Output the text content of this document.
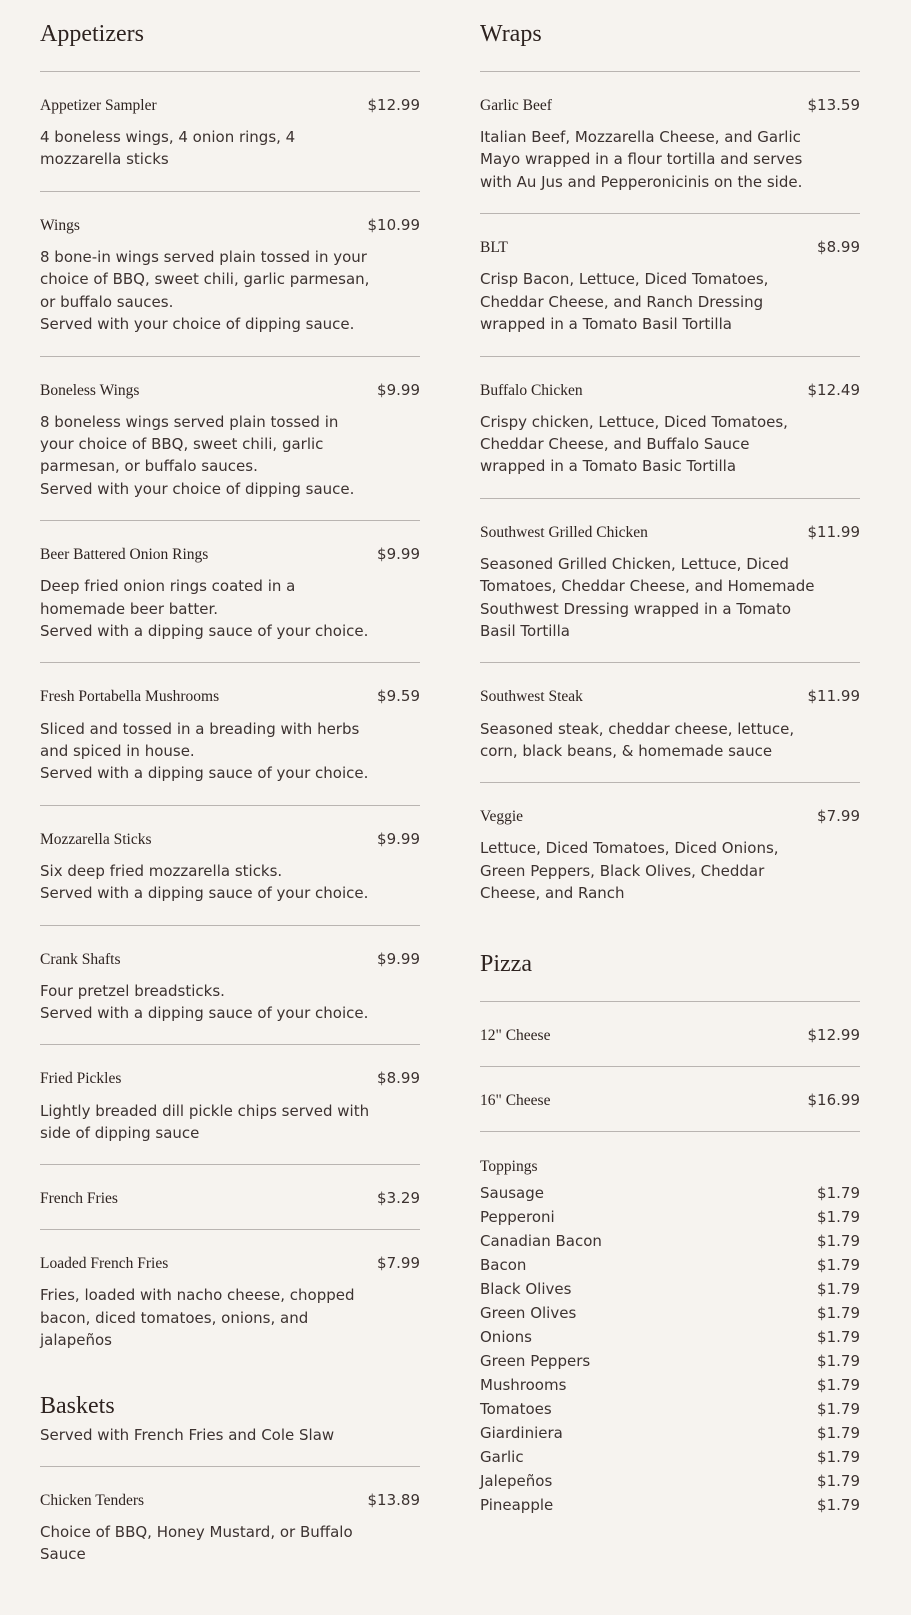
Appetizers
Appetizer Sampler	$12.99
4 boneless wings, 4 onion rings, 4 mozzarella sticks
Wings	$10.99
8 bone-in wings served plain tossed in your choice of BBQ, sweet chili, garlic parmesan, or buffalo sauces.
Served with your choice of dipping sauce.
Boneless Wings	$9.99
8 boneless wings served plain tossed in your choice of BBQ, sweet chili, garlic parmesan, or buffalo sauces.
Served with your choice of dipping sauce.
Beer Battered Onion Rings	$9.99
Deep fried onion rings coated in a homemade beer batter.
Served with a dipping sauce of your choice.
Fresh Portabella Mushrooms	$9.59
Sliced and tossed in a breading with herbs and spiced in house.
Served with a dipping sauce of your choice.
Mozzarella Sticks	$9.99
Six deep fried mozzarella sticks.
Served with a dipping sauce of your choice.
Crank Shafts	$9.99
Four pretzel breadsticks.
Served with a dipping sauce of your choice.
Fried Pickles	$8.99
Lightly breaded dill pickle chips served with side of dipping sauce
French Fries	$3.29
Loaded French Fries	$7.99
Fries, loaded with nacho cheese, chopped bacon, diced tomatoes, onions, and jalapeños
Baskets
Served with French Fries and Cole Slaw
Chicken Tenders	$13.89
Choice of BBQ, Honey Mustard, or Buffalo Sauce
Wraps
Garlic Beef	$13.59
Italian Beef, Mozzarella Cheese, and Garlic Mayo wrapped in a flour tortilla and serves with Au Jus and Pepperonicinis on the side.
BLT	$8.99
Crisp Bacon, Lettuce, Diced Tomatoes, Cheddar Cheese, and Ranch Dressing wrapped in a Tomato Basil Tortilla
Buffalo Chicken	$12.49
Crispy chicken, Lettuce, Diced Tomatoes, Cheddar Cheese, and Buffalo Sauce wrapped in a Tomato Basic Tortilla
Southwest Grilled Chicken	$11.99
Seasoned Grilled Chicken, Lettuce, Diced Tomatoes, Cheddar Cheese, and Homemade Southwest Dressing wrapped in a Tomato Basil Tortilla
Southwest Steak	$11.99
Seasoned steak, cheddar cheese, lettuce, corn, black beans, & homemade sauce
Veggie	$7.99
Lettuce, Diced Tomatoes, Diced Onions, Green Peppers, Black Olives, Cheddar Cheese, and Ranch
Pizza
12" Cheese	$12.99
16" Cheese	$16.99
Toppings
Sausage	$1.79
Pepperoni	$1.79
Canadian Bacon	$1.79
Bacon	$1.79
Black Olives	$1.79
Green Olives	$1.79
Onions	$1.79
Green Peppers	$1.79
Mushrooms	$1.79
Tomatoes	$1.79
Giardiniera	$1.79
Garlic	$1.79
Jalepeños	$1.79
Pineapple	$1.79
